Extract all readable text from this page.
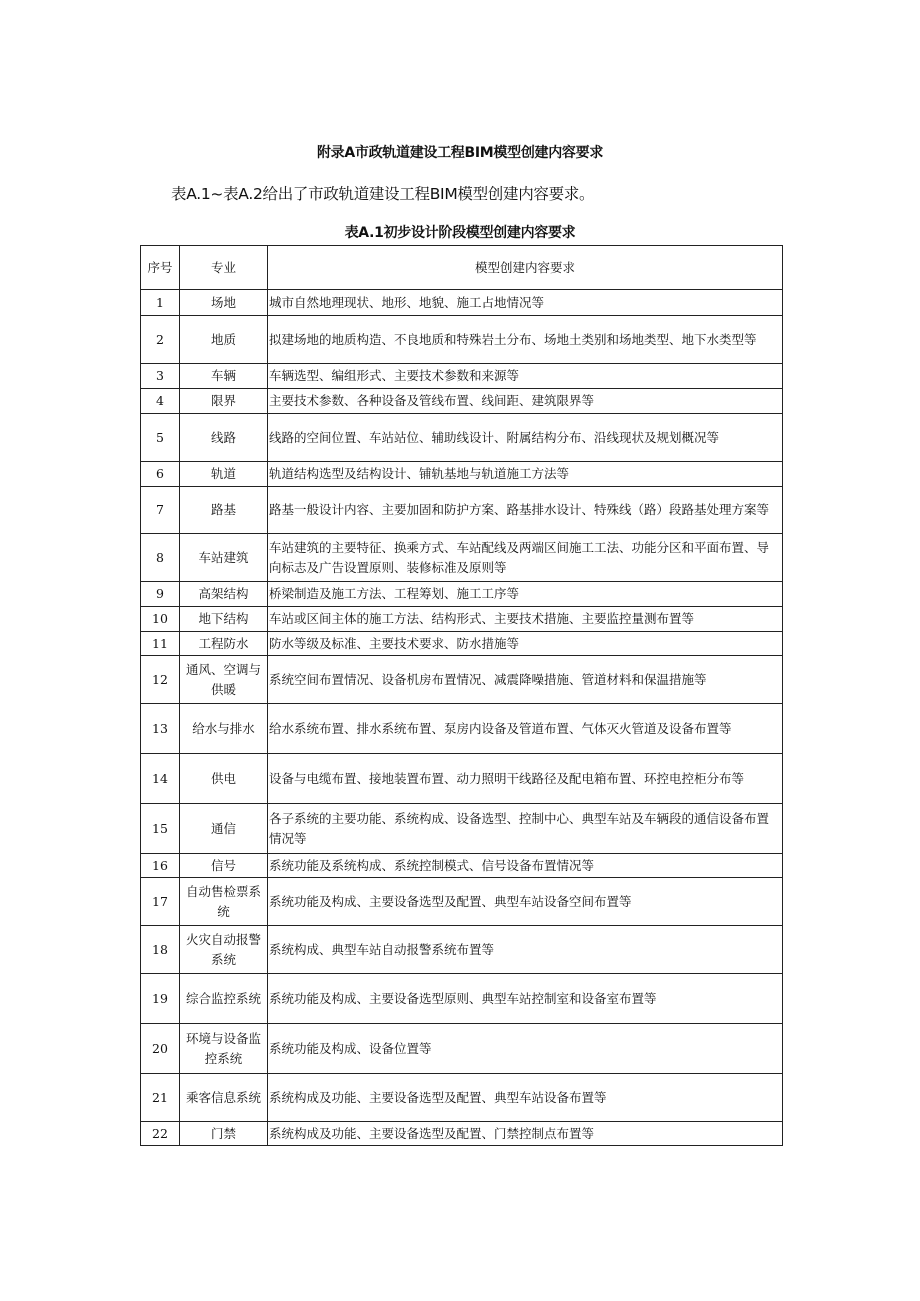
附录A市政轨道建设工程BIM模型创建内容要求
表A.1~表A.2给出了市政轨道建设工程BIM模型创建内容要求。
表A.1初步设计阶段模型创建内容要求
序号	专业	模型创建内容要求
1	场地	城市自然地理现状、地形、地貌、施工占地情况等
2	地质	拟建场地的地质构造、不良地质和特殊岩土分布、场地土类别和场地类型、地下水类型等
3	车辆	车辆选型、编组形式、主要技术参数和来源等
4	限界	主要技术参数、各种设备及管线布置、线间距、建筑限界等
5	线路	线路的空间位置、车站站位、辅助线设计、附属结构分布、沿线现状及规划概况等
6	轨道	轨道结构选型及结构设计、铺轨基地与轨道施工方法等
7	路基	路基一般设计内容、主要加固和防护方案、路基排水设计、特殊线（路）段路基处理方案等
8	车站建筑	车站建筑的主要特征、换乘方式、车站配线及两端区间施工工法、功能分区和平面布置、导向标志及广告设置原则、装修标准及原则等
9	高架结构	桥梁制造及施工方法、工程筹划、施工工序等
10	地下结构	车站或区间主体的施工方法、结构形式、主要技术措施、主要监控量测布置等
11	工程防水	防水等级及标准、主要技术要求、防水措施等
12	通风、空调与供暖	系统空间布置情况、设备机房布置情况、减震降噪措施、管道材料和保温措施等
13	给水与排水	给水系统布置、排水系统布置、泵房内设备及管道布置、气体灭火管道及设备布置等
14	供电	设备与电缆布置、接地装置布置、动力照明干线路径及配电箱布置、环控电控柜分布等
15	通信	各子系统的主要功能、系统构成、设备选型、控制中心、典型车站及车辆段的通信设备布置情况等
16	信号	系统功能及系统构成、系统控制模式、信号设备布置情况等
17	自动售检票系统	系统功能及构成、主要设备选型及配置、典型车站设备空间布置等
18	火灾自动报警系统	系统构成、典型车站自动报警系统布置等
19	综合监控系统	系统功能及构成、主要设备选型原则、典型车站控制室和设备室布置等
20	环境与设备监控系统	系统功能及构成、设备位置等
21	乘客信息系统	系统构成及功能、主要设备选型及配置、典型车站设备布置等
22	门禁	系统构成及功能、主要设备选型及配置、门禁控制点布置等
